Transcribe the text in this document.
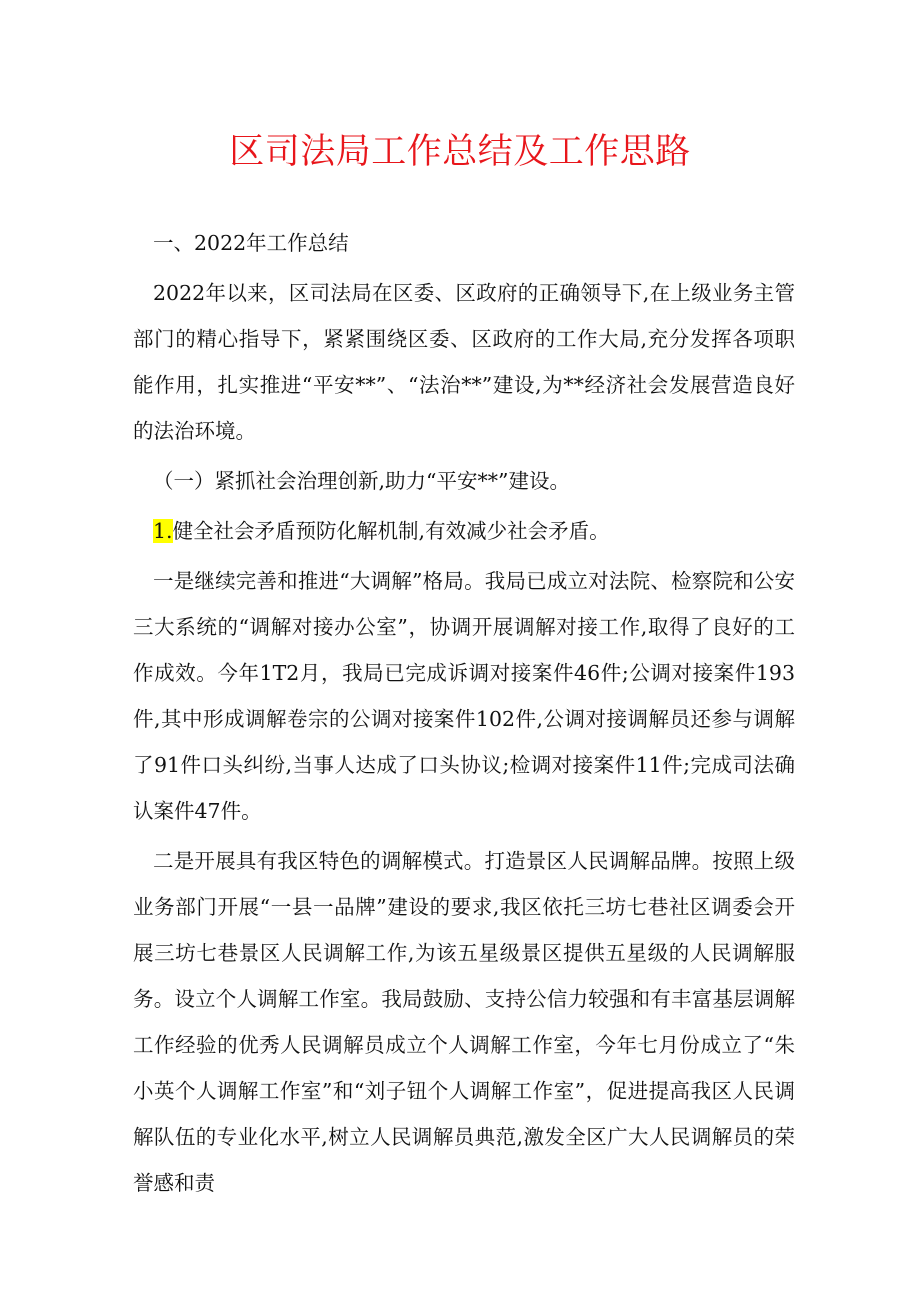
区司法局工作总结及工作思路

一、2022年工作总结

2022年以来，区司法局在区委、区政府的正确领导下,在上级业务主管部门的精心指导下，紧紧围绕区委、区政府的工作大局,充分发挥各项职能作用，扎实推进“平安**”、“法治**”建设,为**经济社会发展营造良好的法治环境。

（一）紧抓社会治理创新,助力“平安**”建设。

1.健全社会矛盾预防化解机制,有效减少社会矛盾。

一是继续完善和推进“大调解”格局。我局已成立对法院、检察院和公安三大系统的“调解对接办公室”，协调开展调解对接工作,取得了良好的工作成效。今年1T2月，我局已完成诉调对接案件46件;公调对接案件193件,其中形成调解卷宗的公调对接案件102件,公调对接调解员还参与调解了91件口头纠纷,当事人达成了口头协议;检调对接案件11件;完成司法确认案件47件。

二是开展具有我区特色的调解模式。打造景区人民调解品牌。按照上级业务部门开展“一县一品牌”建设的要求,我区依托三坊七巷社区调委会开展三坊七巷景区人民调解工作,为该五星级景区提供五星级的人民调解服务。设立个人调解工作室。我局鼓励、支持公信力较强和有丰富基层调解工作经验的优秀人民调解员成立个人调解工作室，今年七月份成立了“朱小英个人调解工作室”和“刘子钮个人调解工作室”，促进提高我区人民调解队伍的专业化水平,树立人民调解员典范,激发全区广大人民调解员的荣誉感和责
